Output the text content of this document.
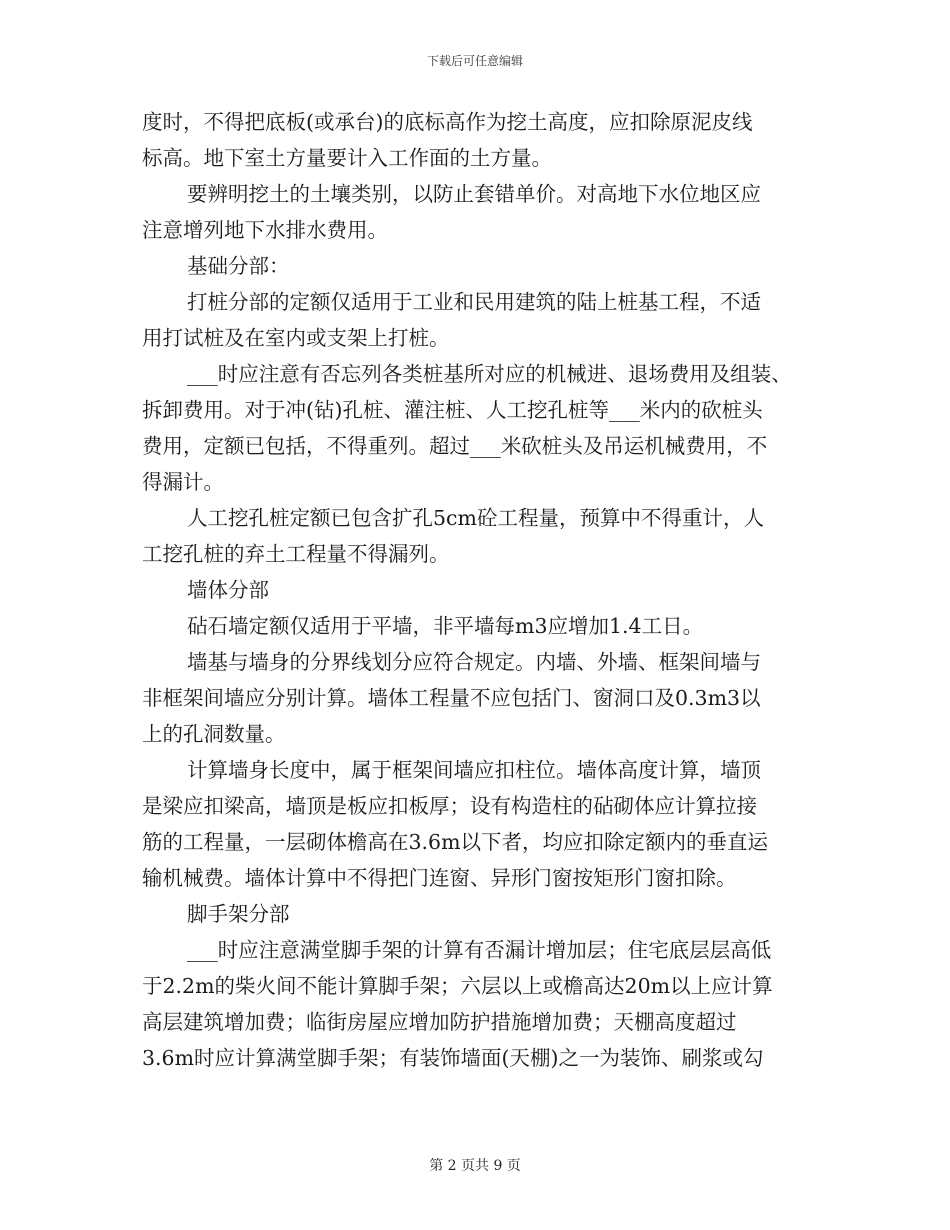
下载后可任意编辑
度时，不得把底板(或承台)的底标高作为挖土高度，应扣除原泥皮线
标高。地下室土方量要计入工作面的土方量。
要辨明挖土的土壤类别，以防止套错单价。对高地下水位地区应
注意增列地下水排水费用。
基础分部：
打桩分部的定额仅适用于工业和民用建筑的陆上桩基工程，不适
用打试桩及在室内或支架上打桩。
___时应注意有否忘列各类桩基所对应的机械进、退场费用及组装、
拆卸费用。对于冲(钻)孔桩、灌注桩、人工挖孔桩等___米内的砍桩头
费用，定额已包括，不得重列。超过___米砍桩头及吊运机械费用，不
得漏计。
人工挖孔桩定额已包含扩孔5cm砼工程量，预算中不得重计，人
工挖孔桩的弃土工程量不得漏列。
墙体分部
砧石墙定额仅适用于平墙，非平墙每m3应增加1.4工日。
墙基与墙身的分界线划分应符合规定。内墙、外墙、框架间墙与
非框架间墙应分别计算。墙体工程量不应包括门、窗洞口及0.3m3以
上的孔洞数量。
计算墙身长度中，属于框架间墙应扣柱位。墙体高度计算，墙顶
是梁应扣梁高，墙顶是板应扣板厚；设有构造柱的砧砌体应计算拉接
筋的工程量，一层砌体檐高在3.6m以下者，均应扣除定额内的垂直运
输机械费。墙体计算中不得把门连窗、异形门窗按矩形门窗扣除。
脚手架分部
___时应注意满堂脚手架的计算有否漏计增加层；住宅底层层高低
于2.2m的柴火间不能计算脚手架；六层以上或檐高达20m以上应计算
高层建筑增加费；临街房屋应增加防护措施增加费；天棚高度超过
3.6m时应计算满堂脚手架；有装饰墙面(天棚)之一为装饰、刷浆或勾
第 2 页共 9 页
